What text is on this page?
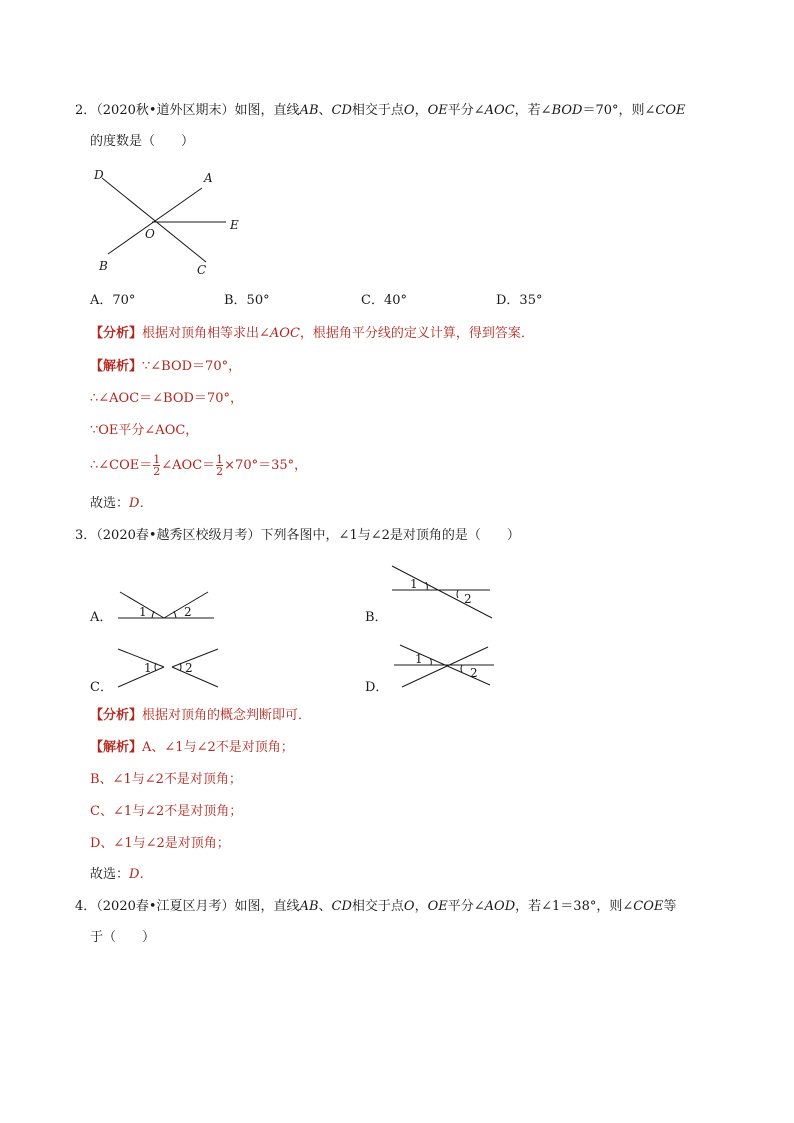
2．（2020秋•道外区期末）如图，直线AB、CD相交于点O，OE平分∠AOC，若∠BOD＝70°，则∠COE
的度数是（　　）
D	A
O
E
B	C
A．70°	B．50°	C．40°	D．35°
【分析】根据对顶角相等求出∠AOC，根据角平分线的定义计算，得到答案．
【解析】∵∠BOD＝70°，
∴∠AOC＝∠BOD＝70°，
∵OE平分∠AOC，
∴∠COE＝ $\frac{1}{2}$ ∠AOC＝ $\frac{1}{2} \times 70^\circ=35^\circ$，
故选：D．
3．（2020春•越秀区校级月考）下列各图中，∠1与∠2是对顶角的是（　　）
A． 1	2	B．
1
2
C．
1	2
D．
1
2
【分析】根据对顶角的概念判断即可．
【解析】A、∠1与∠2不是对顶角；
B、∠1与∠2不是对顶角；
C、∠1与∠2不是对顶角；
D、∠1与∠2是对顶角；
故选：D．
4．（2020春•江夏区月考）如图，直线AB、CD相交于点O，OE平分∠AOD，若∠1＝38°，则∠COE等
于（　　）
